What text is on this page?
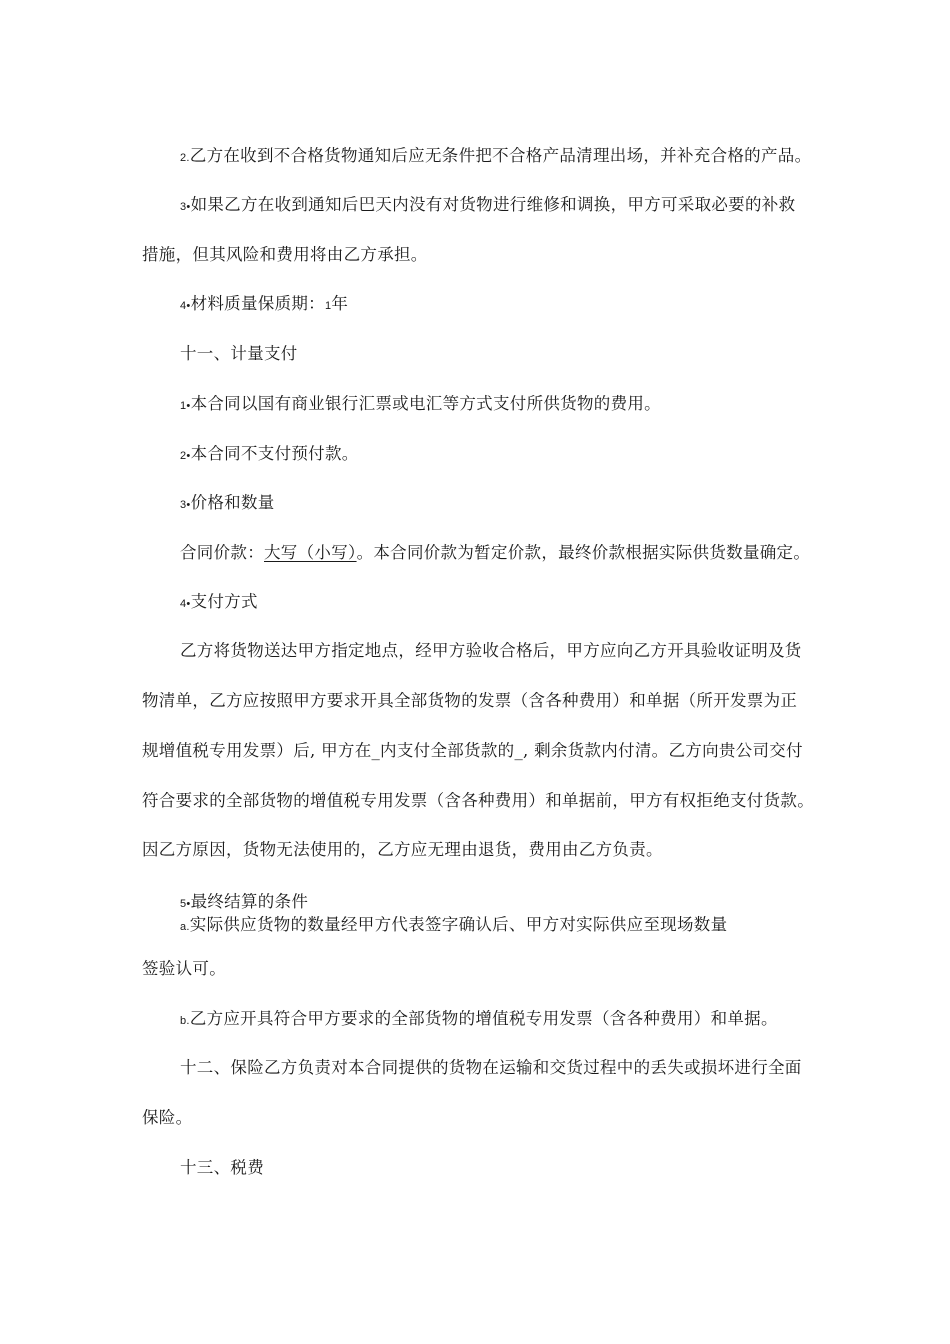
2.乙方在收到不合格货物通知后应无条件把不合格产品清理出场，并补充合格的产品。
3•如果乙方在收到通知后巴天内没有对货物进行维修和调换，甲方可采取必要的补救
措施，但其风险和费用将由乙方承担。
4•材料质量保质期：1年
十一、计量支付
1•本合同以国有商业银行汇票或电汇等方式支付所供货物的费用。
2•本合同不支付预付款。
3•价格和数量
合同价款：大写（小写）。本合同价款为暂定价款，最终价款根据实际供货数量确定。
4•支付方式
乙方将货物送达甲方指定地点，经甲方验收合格后，甲方应向乙方开具验收证明及货
物清单，乙方应按照甲方要求开具全部货物的发票（含各种费用）和单据（所开发票为正
规增值税专用发票）后, 甲方在_内支付全部货款的_, 剩余货款内付清。乙方向贵公司交付
符合要求的全部货物的增值税专用发票（含各种费用）和单据前，甲方有权拒绝支付货款。
因乙方原因，货物无法使用的，乙方应无理由退货，费用由乙方负责。
5•最终结算的条件
a.实际供应货物的数量经甲方代表签字确认后、甲方对实际供应至现场数量
签验认可。
b.乙方应开具符合甲方要求的全部货物的增值税专用发票（含各种费用）和单据。
十二、保险乙方负责对本合同提供的货物在运输和交货过程中的丢失或损坏进行全面
保险。
十三、税费
